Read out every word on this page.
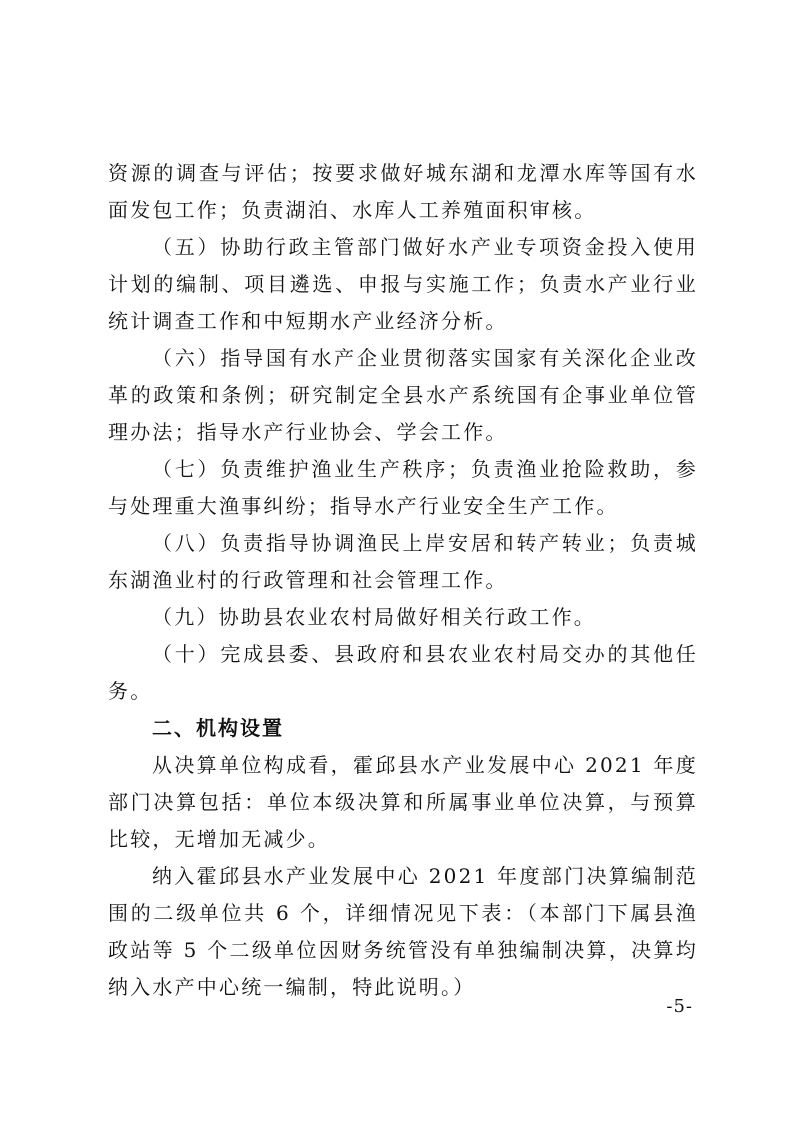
资源的调查与评估；按要求做好城东湖和龙潭水库等国有水面发包工作；负责湖泊、水库人工养殖面积审核。

（五）协助行政主管部门做好水产业专项资金投入使用计划的编制、项目遴选、申报与实施工作；负责水产业行业统计调查工作和中短期水产业经济分析。

（六）指导国有水产企业贯彻落实国家有关深化企业改革的政策和条例；研究制定全县水产系统国有企事业单位管理办法；指导水产行业协会、学会工作。

（七）负责维护渔业生产秩序；负责渔业抢险救助，参与处理重大渔事纠纷；指导水产行业安全生产工作。

（八）负责指导协调渔民上岸安居和转产转业；负责城东湖渔业村的行政管理和社会管理工作。

（九）协助县农业农村局做好相关行政工作。

（十）完成县委、县政府和县农业农村局交办的其他任务。

二、机构设置

从决算单位构成看，霍邱县水产业发展中心 2021 年度部门决算包括：单位本级决算和所属事业单位决算，与预算比较，无增加无减少。

纳入霍邱县水产业发展中心 2021 年度部门决算编制范围的二级单位共 6 个，详细情况见下表：（本部门下属县渔政站等 5 个二级单位因财务统管没有单独编制决算，决算均纳入水产中心统一编制，特此说明。）

-5-
